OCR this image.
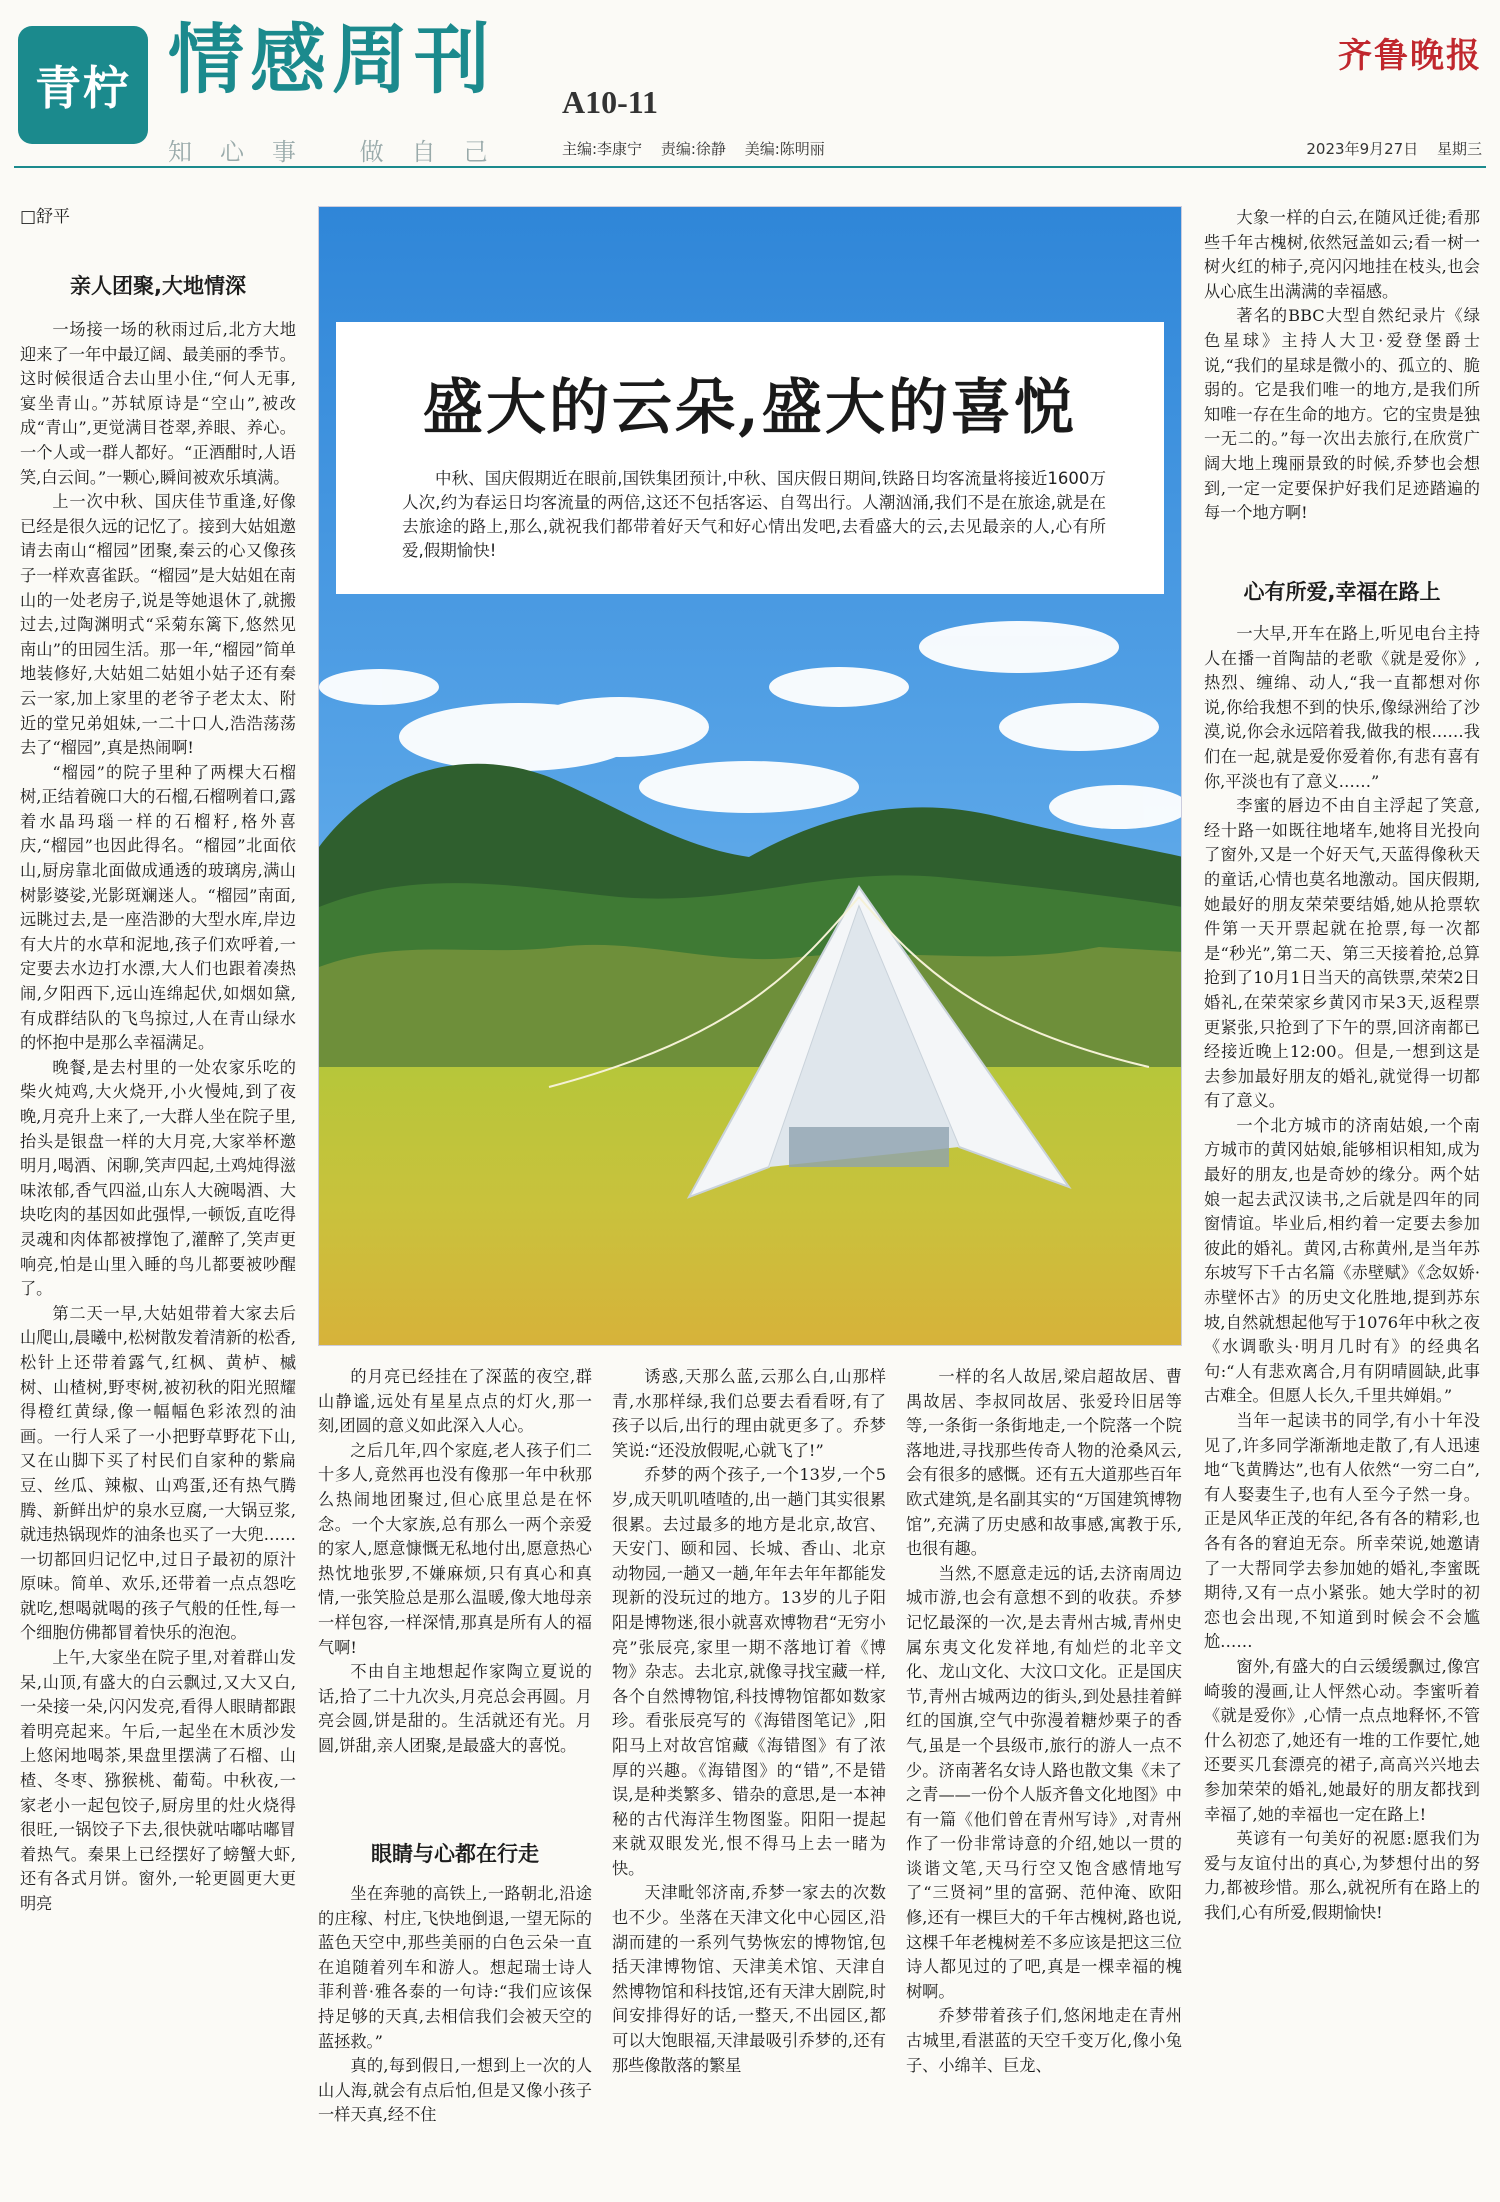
青柠 情感周刊 A10-11
齐鲁晚报
知心事 做自己	主编:李康宁 责编:徐静 美编:陈明丽	2023年9月27日 星期三
□舒平
亲人团聚,大地情深

一场接一场的秋雨过后,北方大地迎来了一年中最辽阔、最美丽的季节。这时候很适合去山里小住,“何人无事,宴坐青山。”苏轼原诗是“空山”,被改成“青山”,更觉满目苍翠,养眼、养心。一个人或一群人都好。“正酒酣时,人语笑,白云间。”一颗心,瞬间被欢乐填满。

上一次中秋、国庆佳节重逢,好像已经是很久远的记忆了。接到大姑姐邀请去南山“榴园”团聚,秦云的心又像孩子一样欢喜雀跃。“榴园”是大姑姐在南山的一处老房子,说是等她退休了,就搬过去,过陶渊明式“采菊东篱下,悠然见南山”的田园生活。那一年,“榴园”简单地装修好,大姑姐二姑姐小姑子还有秦云一家,加上家里的老爷子老太太、附近的堂兄弟姐妹,一二十口人,浩浩荡荡去了“榴园”,真是热闹啊!

“榴园”的院子里种了两棵大石榴树,正结着碗口大的石榴,石榴咧着口,露着水晶玛瑙一样的石榴籽,格外喜庆,“榴园”也因此得名。“榴园”北面依山,厨房靠北面做成通透的玻璃房,满山树影婆娑,光影斑斓迷人。“榴园”南面,远眺过去,是一座浩渺的大型水库,岸边有大片的水草和泥地,孩子们欢呼着,一定要去水边打水漂,大人们也跟着凑热闹,夕阳西下,远山连绵起伏,如烟如黛,有成群结队的飞鸟掠过,人在青山绿水的怀抱中是那么幸福满足。

晚餐,是去村里的一处农家乐吃的柴火炖鸡,大火烧开,小火慢炖,到了夜晚,月亮升上来了,一大群人坐在院子里,抬头是银盘一样的大月亮,大家举杯邀明月,喝酒、闲聊,笑声四起,土鸡炖得滋味浓郁,香气四溢,山东人大碗喝酒、大块吃肉的基因如此强悍,一顿饭,直吃得灵魂和肉体都被撑饱了,灌醉了,笑声更响亮,怕是山里入睡的鸟儿都要被吵醒了。

第二天一早,大姑姐带着大家去后山爬山,晨曦中,松树散发着清新的松香,松针上还带着露气,红枫、黄栌、槭树、山楂树,野枣树,被初秋的阳光照耀得橙红黄绿,像一幅幅色彩浓烈的油画。一行人采了一小把野草野花下山,又在山脚下买了村民们自家种的紫扁豆、丝瓜、辣椒、山鸡蛋,还有热气腾腾、新鲜出炉的泉水豆腐,一大锅豆浆,就违热锅现炸的油条也买了一大兜……一切都回归记忆中,过日子最初的原汁原味。简单、欢乐,还带着一点点怨吃就吃,想喝就喝的孩子气般的任性,每一个细胞仿佛都冒着快乐的泡泡。

上午,大家坐在院子里,对着群山发呆,山顶,有盛大的白云飘过,又大又白,一朵接一朵,闪闪发亮,看得人眼睛都跟着明亮起来。午后,一起坐在木质沙发上悠闲地喝茶,果盘里摆满了石榴、山楂、冬枣、猕猴桃、葡萄。中秋夜,一家老小一起包饺子,厨房里的灶火烧得很旺,一锅饺子下去,很快就咕嘟咕嘟冒着热气。秦果上已经摆好了螃蟹大虾,还有各式月饼。窗外,一轮更圆更大更明亮

盛大的云朵,盛大的喜悦
中秋、国庆假期近在眼前,国铁集团预计,中秋、国庆假日期间,铁路日均客流量将接近1600万人次,约为春运日均客流量的两倍,这还不包括客运、自驾出行。人潮汹涌,我们不是在旅途,就是在去旅途的路上,那么,就祝我们都带着好天气和好心情出发吧,去看盛大的云,去见最亲的人,心有所爱,假期愉快!

的月亮已经挂在了深蓝的夜空,群山静谧,远处有星星点点的灯火,那一刻,团圆的意义如此深入人心。

之后几年,四个家庭,老人孩子们二十多人,竟然再也没有像那一年中秋那么热闹地团聚过,但心底里总是在怀念。一个大家族,总有那么一两个亲爱的家人,愿意慷慨无私地付出,愿意热心热忱地张罗,不嫌麻烦,只有真心和真情,一张笑脸总是那么温暖,像大地母亲一样包容,一样深情,那真是所有人的福气啊!

不由自主地想起作家陶立夏说的话,拾了二十九次头,月亮总会再圆。月亮会圆,饼是甜的。生活就还有光。月圆,饼甜,亲人团聚,是最盛大的喜悦。

眼睛与心都在行走

坐在奔驰的高铁上,一路朝北,沿途的庄稼、村庄,飞快地倒退,一望无际的蓝色天空中,那些美丽的白色云朵一直在追随着列车和游人。想起瑞士诗人菲利普·雅各泰的一句诗:“我们应该保持足够的天真,去相信我们会被天空的蓝拯救。”

真的,每到假日,一想到上一次的人山人海,就会有点后怕,但是又像小孩子一样天真,经不住

诱惑,天那么蓝,云那么白,山那样青,水那样绿,我们总要去看看呀,有了孩子以后,出行的理由就更多了。乔梦笑说:“还没放假呢,心就飞了!”

乔梦的两个孩子,一个13岁,一个5岁,成天叽叽喳喳的,出一趟门其实很累很累。去过最多的地方是北京,故宫、天安门、颐和园、长城、香山、北京动物园,一趟又一趟,年年去年年都能发现新的没玩过的地方。13岁的儿子阳阳是博物迷,很小就喜欢博物君“无穷小亮”张辰亮,家里一期不落地订着《博物》杂志。去北京,就像寻找宝藏一样,各个自然博物馆,科技博物馆都如数家珍。看张辰亮写的《海错图笔记》,阳阳马上对故宫馆藏《海错图》有了浓厚的兴趣。《海错图》的“错”,不是错误,是种类繁多、错杂的意思,是一本神秘的古代海洋生物图鉴。阳阳一提起来就双眼发光,恨不得马上去一睹为快。

天津毗邻济南,乔梦一家去的次数也不少。坐落在天津文化中心园区,沿湖而建的一系列气势恢宏的博物馆,包括天津博物馆、天津美术馆、天津自然博物馆和科技馆,还有天津大剧院,时间安排得好的话,一整天,不出园区,都可以大饱眼福,天津最吸引乔梦的,还有那些像散落的繁星

一样的名人故居,梁启超故居、曹禺故居、李叔同故居、张爱玲旧居等等,一条街一条街地走,一个院落一个院落地进,寻找那些传奇人物的沧桑风云,会有很多的感慨。还有五大道那些百年欧式建筑,是名副其实的“万国建筑博物馆”,充满了历史感和故事感,寓教于乐,也很有趣。

当然,不愿意走远的话,去济南周边城市游,也会有意想不到的收获。乔梦记忆最深的一次,是去青州古城,青州史属东夷文化发祥地,有灿烂的北辛文化、龙山文化、大汶口文化。正是国庆节,青州古城两边的街头,到处悬挂着鲜红的国旗,空气中弥漫着糖炒栗子的香气,虽是一个县级市,旅行的游人一点不少。济南著名女诗人路也散文集《未了之青——一份个人版齐鲁文化地图》中有一篇《他们曾在青州写诗》,对青州作了一份非常诗意的介绍,她以一贯的谈谐文笔,天马行空又饱含感情地写了“三贤祠”里的富弼、范仲淹、欧阳修,还有一棵巨大的千年古槐树,路也说,这棵千年老槐树差不多应该是把这三位诗人都见过的了吧,真是一棵幸福的槐树啊。

乔梦带着孩子们,悠闲地走在青州古城里,看湛蓝的天空千变万化,像小兔子、小绵羊、巨龙、

大象一样的白云,在随风迁徙;看那些千年古槐树,依然冠盖如云;看一树一树火红的柿子,亮闪闪地挂在枝头,也会从心底生出满满的幸福感。

著名的BBC大型自然纪录片《绿色星球》主持人大卫·爱登堡爵士说,“我们的星球是微小的、孤立的、脆弱的。它是我们唯一的地方,是我们所知唯一存在生命的地方。它的宝贵是独一无二的。”每一次出去旅行,在欣赏广阔大地上瑰丽景致的时候,乔梦也会想到,一定一定要保护好我们足迹踏遍的每一个地方啊!

心有所爱,幸福在路上

一大早,开车在路上,听见电台主持人在播一首陶喆的老歌《就是爱你》,热烈、缠绵、动人,“我一直都想对你说,你给我想不到的快乐,像绿洲给了沙漠,说,你会永远陪着我,做我的根……我们在一起,就是爱你爱着你,有悲有喜有你,平淡也有了意义……”

李蜜的唇边不由自主浮起了笑意,经十路一如既往地堵车,她将目光投向了窗外,又是一个好天气,天蓝得像秋天的童话,心情也莫名地激动。国庆假期,她最好的朋友荣荣要结婚,她从抢票软件第一天开票起就在抢票,每一次都是“秒光”,第二天、第三天接着抢,总算抢到了10月1日当天的高铁票,荣荣2日婚礼,在荣荣家乡黄冈市呆3天,返程票更紧张,只抢到了下午的票,回济南都已经接近晚上12:00。但是,一想到这是去参加最好朋友的婚礼,就觉得一切都有了意义。

一个北方城市的济南姑娘,一个南方城市的黄冈姑娘,能够相识相知,成为最好的朋友,也是奇妙的缘分。两个姑娘一起去武汉读书,之后就是四年的同窗情谊。毕业后,相约着一定要去参加彼此的婚礼。黄冈,古称黄州,是当年苏东坡写下千古名篇《赤壁赋》《念奴娇·赤壁怀古》的历史文化胜地,提到苏东坡,自然就想起他写于1076年中秋之夜《水调歌头·明月几时有》的经典名句:“人有悲欢离合,月有阴晴圆缺,此事古难全。但愿人长久,千里共婵娟。”

当年一起读书的同学,有小十年没见了,许多同学渐渐地走散了,有人迅速地“飞黄腾达”,也有人依然“一穷二白”,有人娶妻生子,也有人至今子然一身。正是风华正茂的年纪,各有各的精彩,也各有各的窘迫无奈。所幸荣说,她邀请了一大帮同学去参加她的婚礼,李蜜既期待,又有一点小紧张。她大学时的初恋也会出现,不知道到时候会不会尴尬……

窗外,有盛大的白云缓缓飘过,像宫崎骏的漫画,让人怦然心动。李蜜听着《就是爱你》,心情一点点地释怀,不管什么初恋了,她还有一堆的工作要忙,她还要买几套漂亮的裙子,高高兴兴地去参加荣荣的婚礼,她最好的朋友都找到幸福了,她的幸福也一定在路上!

英谚有一句美好的祝愿:愿我们为爱与友谊付出的真心,为梦想付出的努力,都被珍惜。那么,就祝所有在路上的我们,心有所爱,假期愉快!
